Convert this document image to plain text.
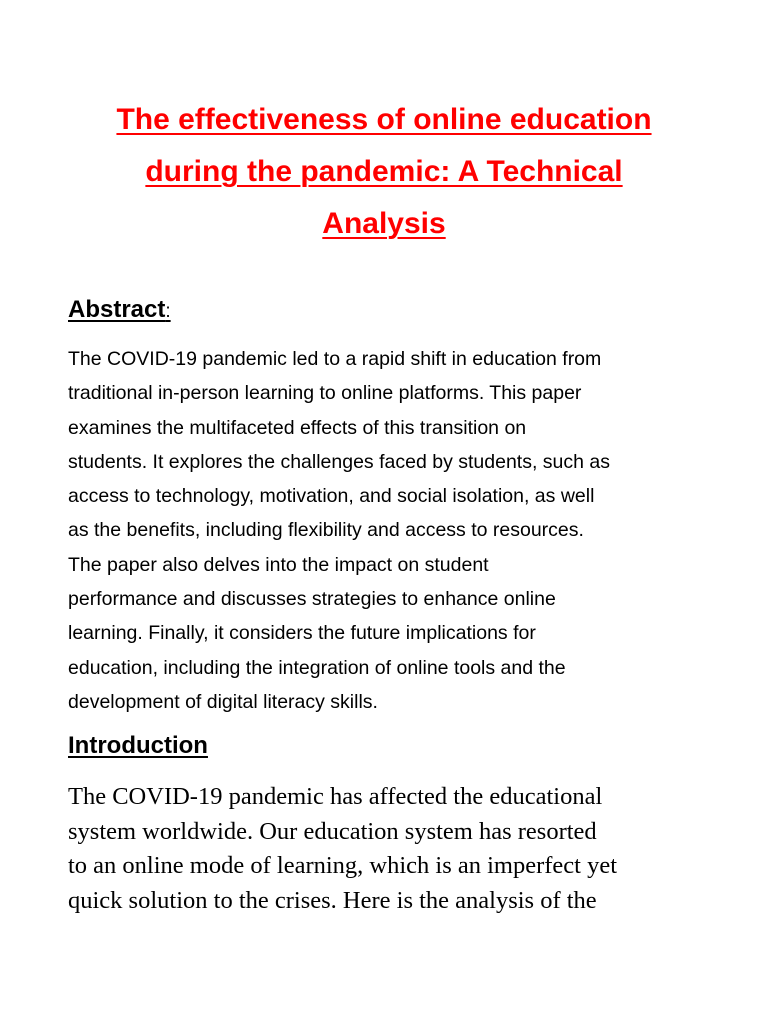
The effectiveness of online education
during the pandemic: A Technical
Analysis
Abstract:
The COVID-19 pandemic led to a rapid shift in education from
traditional in-person learning to online platforms. This paper
examines the multifaceted effects of this transition on
students. It explores the challenges faced by students, such as
access to technology, motivation, and social isolation, as well
as the benefits, including flexibility and access to resources.
The paper also delves into the impact on student
performance and discusses strategies to enhance online
learning. Finally, it considers the future implications for
education, including the integration of online tools and the
development of digital literacy skills.
Introduction
The COVID-19 pandemic has affected the educational
system worldwide. Our education system has resorted
to an online mode of learning, which is an imperfect yet
quick solution to the crises. Here is the analysis of the
